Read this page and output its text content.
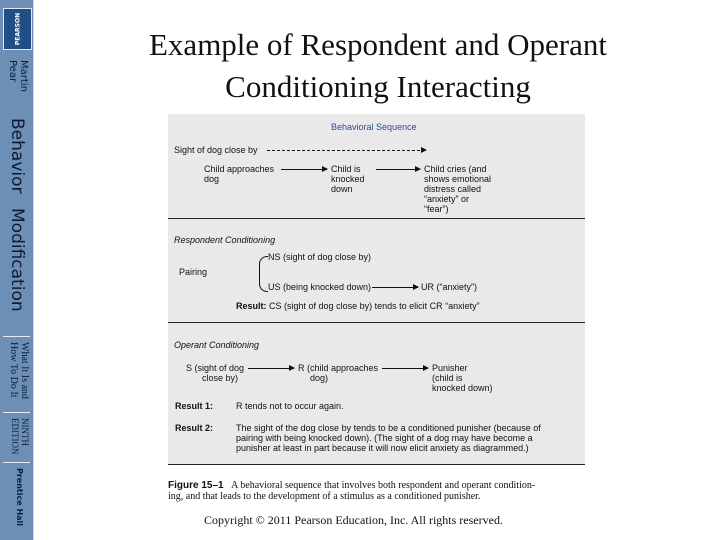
PEARSON
Martin
Pear
Behavior
Modification
What It Is and
How To Do It
NINTH
EDITION
Prentice Hall
Example of Respondent and Operant
Conditioning Interacting
Behavioral Sequence
Sight of dog close by
Child approaches
dog
Child is
knocked
down
Child cries (and
shows emotional
distress called
“anxiety” or
“fear”)
Respondent Conditioning
Pairing
NS (sight of dog close by)
US (being knocked down)	UR (“anxiety”)
Result: CS (sight of dog close by) tends to elicit CR “anxiety”
Operant Conditioning
S (sight of dog
close by)
R (child approaches
dog)
Punisher
(child is
knocked down)
Result 1:	R tends not to occur again.
Result 2:	The sight of the dog close by tends to be a conditioned punisher (because of
pairing with being knocked down). (The sight of a dog may have become a
punisher at least in part because it will now elicit anxiety as diagrammed.)
Figure 15–1 A behavioral sequence that involves both respondent and operant condition-
ing, and that leads to the development of a stimulus as a conditioned punisher.
Copyright © 2011 Pearson Education, Inc. All rights reserved.
